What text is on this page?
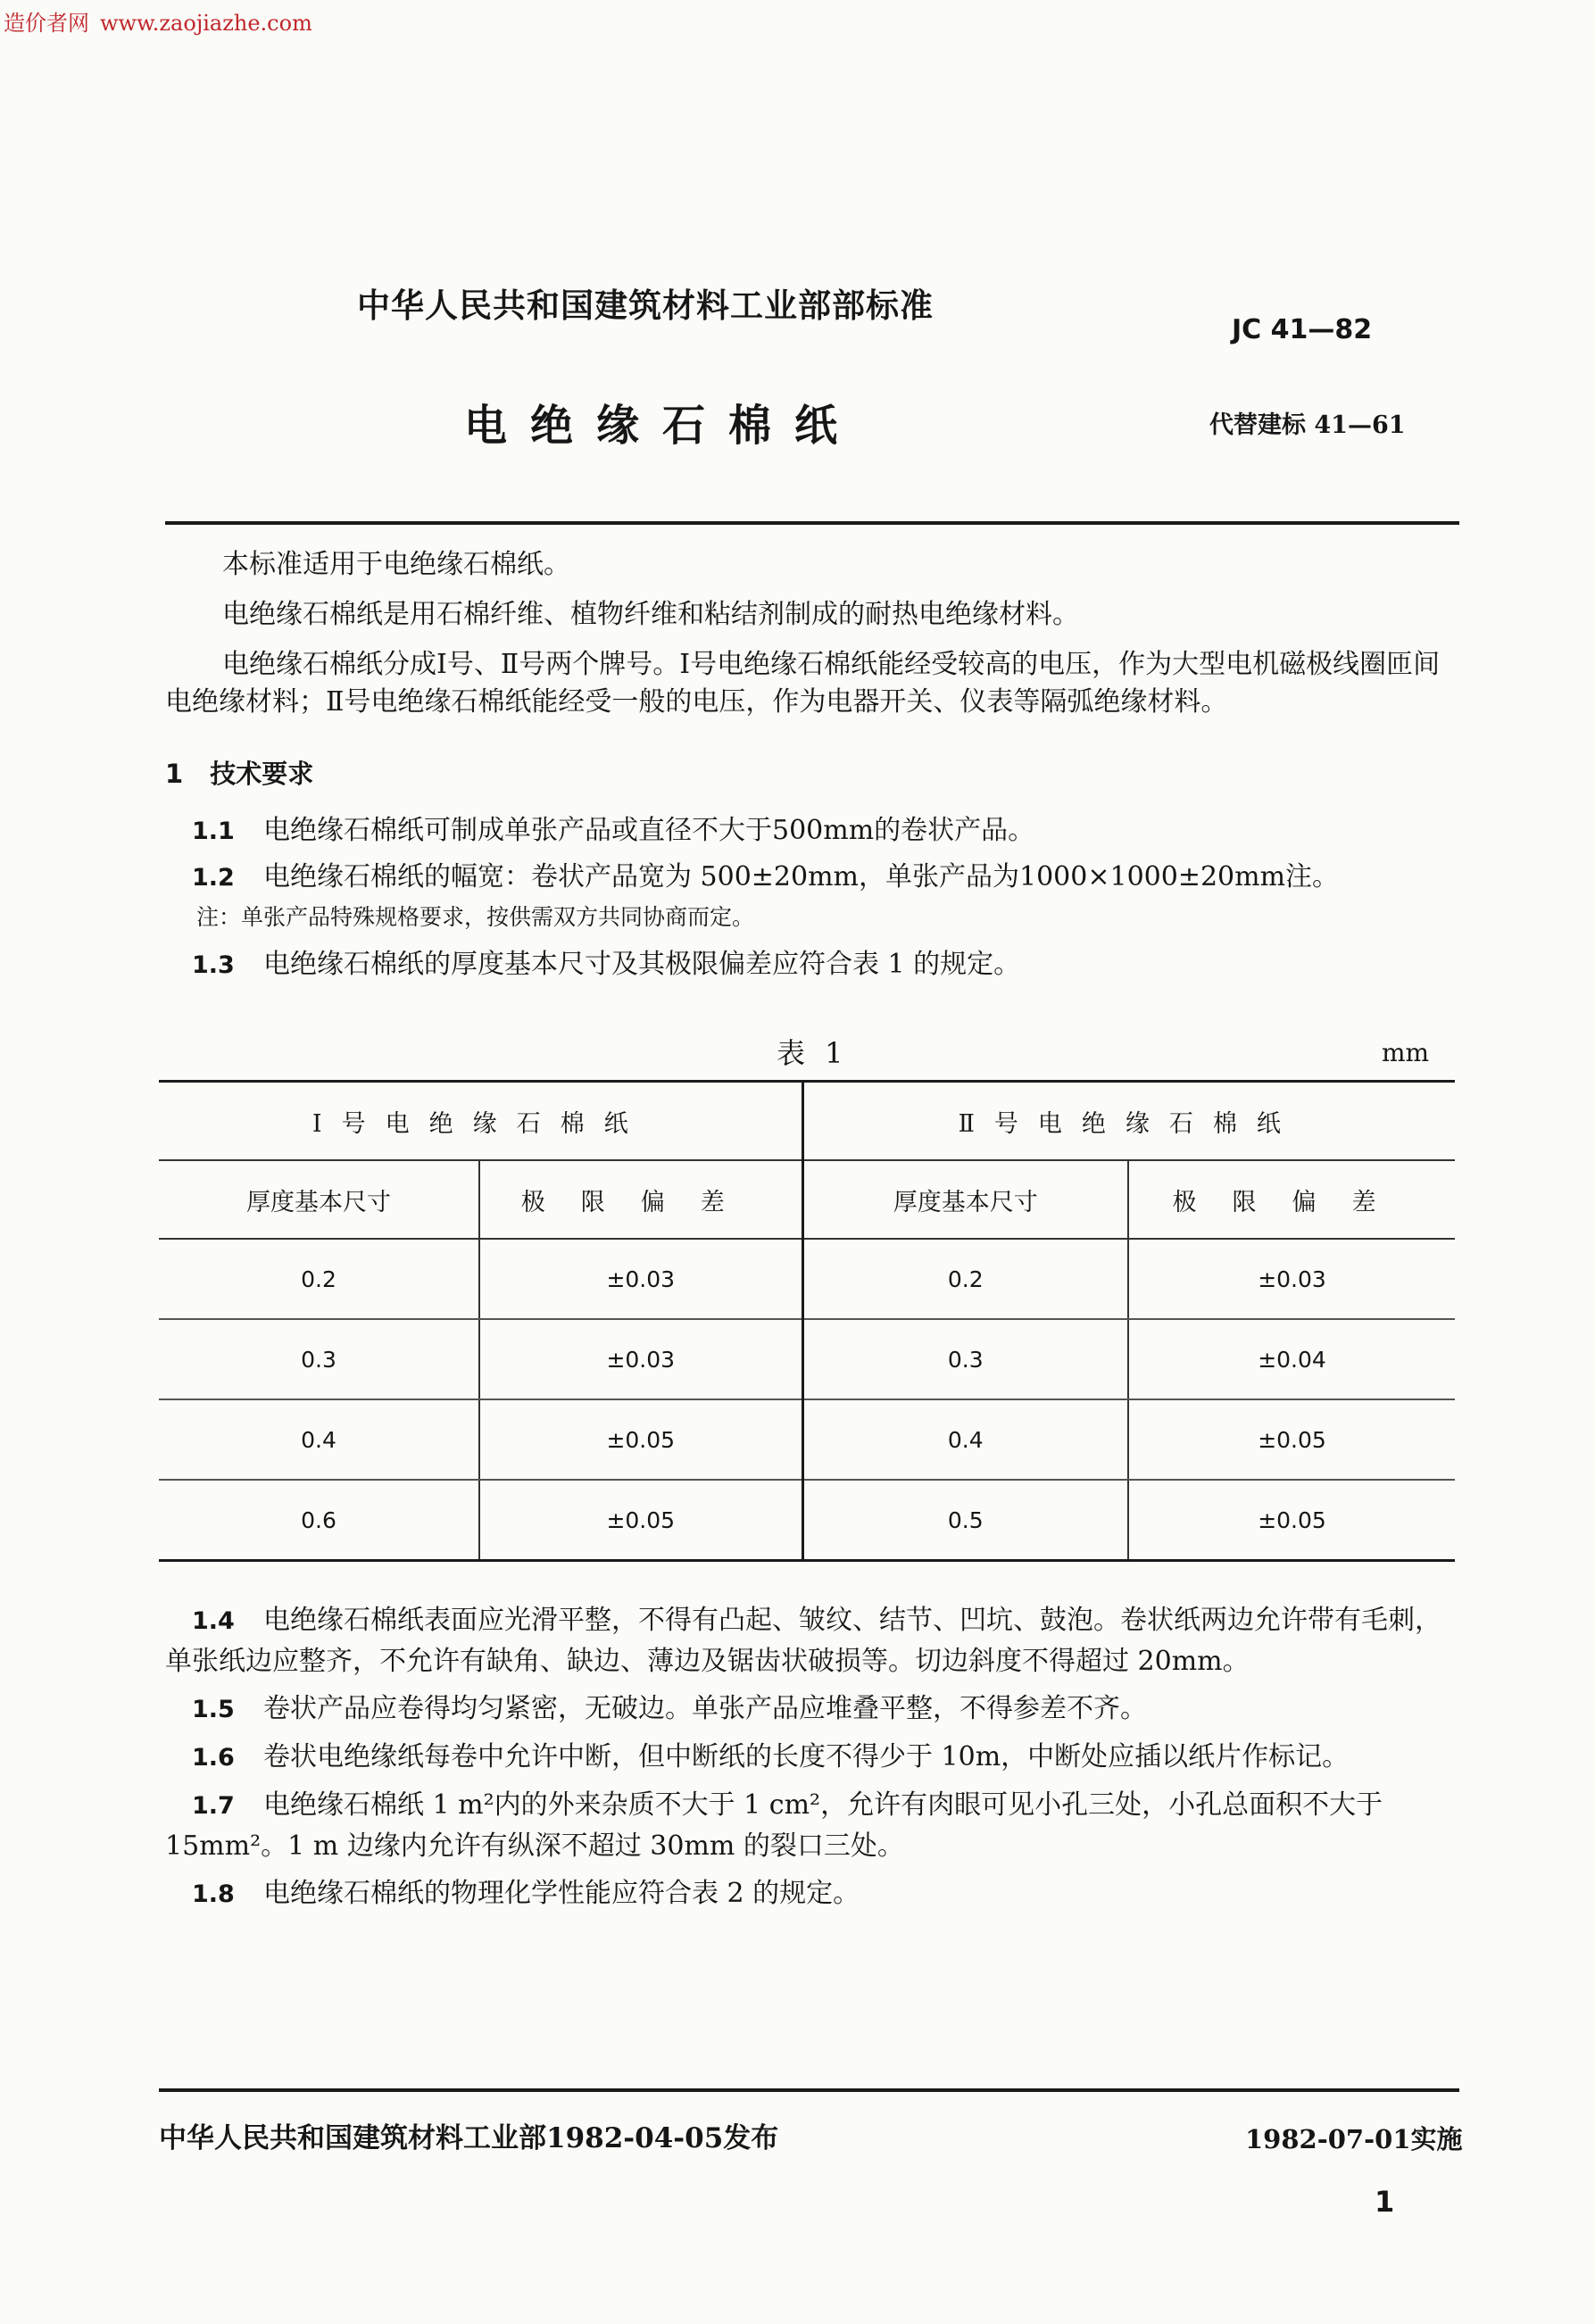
造价者网 www.zaojiazhe.com
中华人民共和国建筑材料工业部部标准
JC 41—82
电绝缘石棉纸	代替建标 41—61

本标准适用于电绝缘石棉纸。

电绝缘石棉纸是用石棉纤维、植物纤维和粘结剂制成的耐热电绝缘材料。

电绝缘石棉纸分成Ⅰ号、Ⅱ号两个牌号。Ⅰ号电绝缘石棉纸能经受较高的电压，作为大型电机磁极线圈匝间电绝缘材料；Ⅱ号电绝缘石棉纸能经受一般的电压，作为电器开关、仪表等隔弧绝缘材料。

1 技术要求
1.1 电绝缘石棉纸可制成单张产品或直径不大于500mm的卷状产品。
1.2 电绝缘石棉纸的幅宽：卷状产品宽为 500±20mm，单张产品为1000×1000±20mm注。
注：单张产品特殊规格要求，按供需双方共同协商而定。
1.3 电绝缘石棉纸的厚度基本尺寸及其极限偏差应符合表 1 的规定。
表 1	mm
Ⅰ号电绝缘石棉纸		Ⅱ号电绝缘石棉纸	
厚度基本尺寸	极限偏差	厚度基本尺寸	极限偏差
0.2	±0.03	0.2	±0.03
0.3	±0.03	0.3	±0.04
0.4	±0.05	0.4	±0.05
0.6	±0.05	0.5	±0.05

1.4 电绝缘石棉纸表面应光滑平整，不得有凸起、皱纹、结节、凹坑、鼓泡。卷状纸两边允许带有毛刺，单张纸边应整齐，不允许有缺角、缺边、薄边及锯齿状破损等。切边斜度不得超过 20mm。

1.5 卷状产品应卷得均匀紧密，无破边。单张产品应堆叠平整，不得参差不齐。

1.6 卷状电绝缘纸每卷中允许中断，但中断纸的长度不得少于 10m，中断处应插以纸片作标记。

1.7 电绝缘石棉纸 1 m²内的外来杂质不大于 1 cm²，允许有肉眼可见小孔三处，小孔总面积不大于15mm²。1 m 边缘内允许有纵深不超过 30mm 的裂口三处。

1.8 电绝缘石棉纸的物理化学性能应符合表 2 的规定。

中华人民共和国建筑材料工业部1982-04-05发布	1982-07-01实施
1
